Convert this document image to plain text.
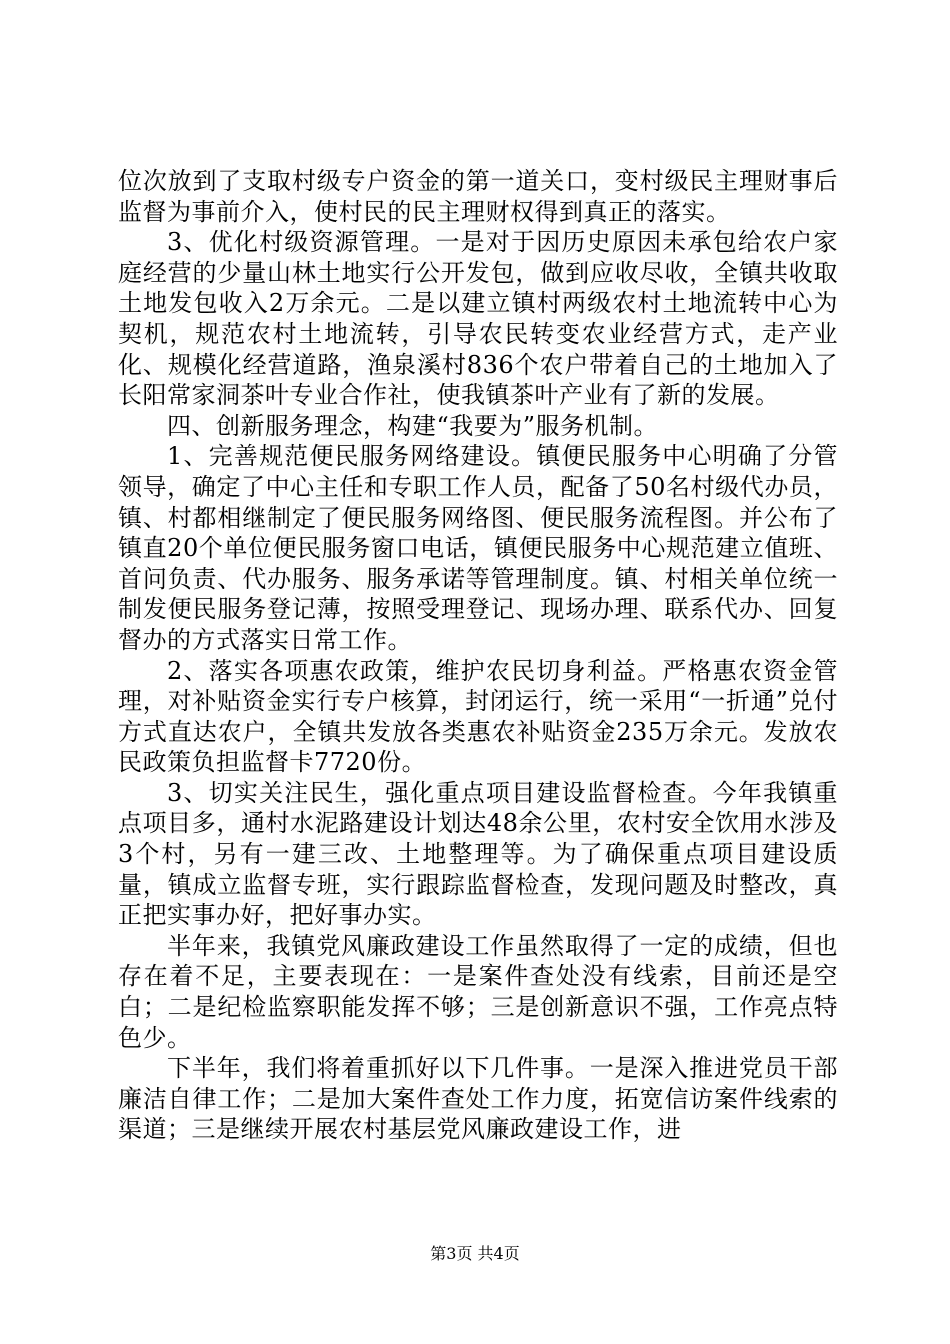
位次放到了支取村级专户资金的第一道关口，变村级民主理财事后监督为事前介入，使村民的民主理财权得到真正的落实。

3、优化村级资源管理。一是对于因历史原因未承包给农户家庭经营的少量山林土地实行公开发包，做到应收尽收，全镇共收取土地发包收入2万余元。二是以建立镇村两级农村土地流转中心为契机，规范农村土地流转，引导农民转变农业经营方式，走产业化、规模化经营道路，渔泉溪村836个农户带着自己的土地加入了长阳常家洞茶叶专业合作社，使我镇茶叶产业有了新的发展。

四、创新服务理念，构建“我要为”服务机制。

1、完善规范便民服务网络建设。镇便民服务中心明确了分管领导，确定了中心主任和专职工作人员，配备了50名村级代办员，镇、村都相继制定了便民服务网络图、便民服务流程图。并公布了镇直20个单位便民服务窗口电话，镇便民服务中心规范建立值班、首问负责、代办服务、服务承诺等管理制度。镇、村相关单位统一制发便民服务登记薄，按照受理登记、现场办理、联系代办、回复督办的方式落实日常工作。

2、落实各项惠农政策，维护农民切身利益。严格惠农资金管理，对补贴资金实行专户核算，封闭运行，统一采用“一折通”兑付方式直达农户，全镇共发放各类惠农补贴资金235万余元。发放农民政策负担监督卡7720份。

3、切实关注民生，强化重点项目建设监督检查。今年我镇重点项目多，通村水泥路建设计划达48余公里，农村安全饮用水涉及3个村，另有一建三改、土地整理等。为了确保重点项目建设质量，镇成立监督专班，实行跟踪监督检查，发现问题及时整改，真正把实事办好，把好事办实。

半年来，我镇党风廉政建设工作虽然取得了一定的成绩，但也存在着不足，主要表现在：一是案件查处没有线索，目前还是空白；二是纪检监察职能发挥不够；三是创新意识不强，工作亮点特色少。

下半年，我们将着重抓好以下几件事。一是深入推进党员干部廉洁自律工作；二是加大案件查处工作力度，拓宽信访案件线索的渠道；三是继续开展农村基层党风廉政建设工作，进

第3页 共4页
